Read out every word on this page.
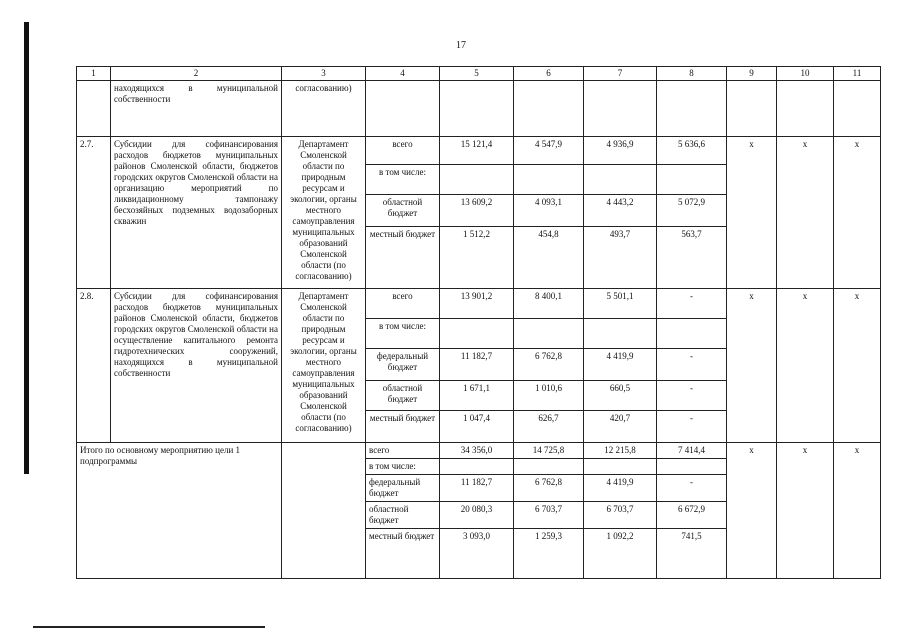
17
1	2	3	4	5	6	7	8	9	10	11
	находящихся в муниципальной собственности	согласованию)								
2.7.	Субсидии для софинансирования расходов бюджетов муниципальных районов Смоленской области, бюджетов городских округов Смоленской области на организацию мероприятий по ликвидационному тампонажу бесхозяйных подземных водозаборных скважин	Департамент Смоленской области по природным ресурсам и экологии, органы местного самоуправления муниципальных образований Смоленской области (по согласованию)	всего	15 121,4	4 547,9	4 936,9	5 636,6	х	х	х
			в том числе:							
			областной бюджет	13 609,2	4 093,1	4 443,2	5 072,9			
			местный бюджет	1 512,2	454,8	493,7	563,7			
2.8.	Субсидии для софинансирования расходов бюджетов муниципальных районов Смоленской области, бюджетов городских округов Смоленской области на осуществление капитального ремонта гидротехнических сооружений, находящихся в муниципальной собственности	Департамент Смоленской области по природным ресурсам и экологии, органы местного самоуправления муниципальных образований Смоленской области (по согласованию)	всего	13 901,2	8 400,1	5 501,1	-	х	х	х
			в том числе:							
			федеральный бюджет	11 182,7	6 762,8	4 419,9	-			
			областной бюджет	1 671,1	1 010,6	660,5	-			
			местный бюджет	1 047,4	626,7	420,7	-			
Итого по основному мероприятию цели 1 подпрограммы			всего	34 356,0	14 725,8	12 215,8	7 414,4	х	х	х
			в том числе:							
			федеральный бюджет	11 182,7	6 762,8	4 419,9	-			
			областной бюджет	20 080,3	6 703,7	6 703,7	6 672,9			
			местный бюджет	3 093,0	1 259,3	1 092,2	741,5			
